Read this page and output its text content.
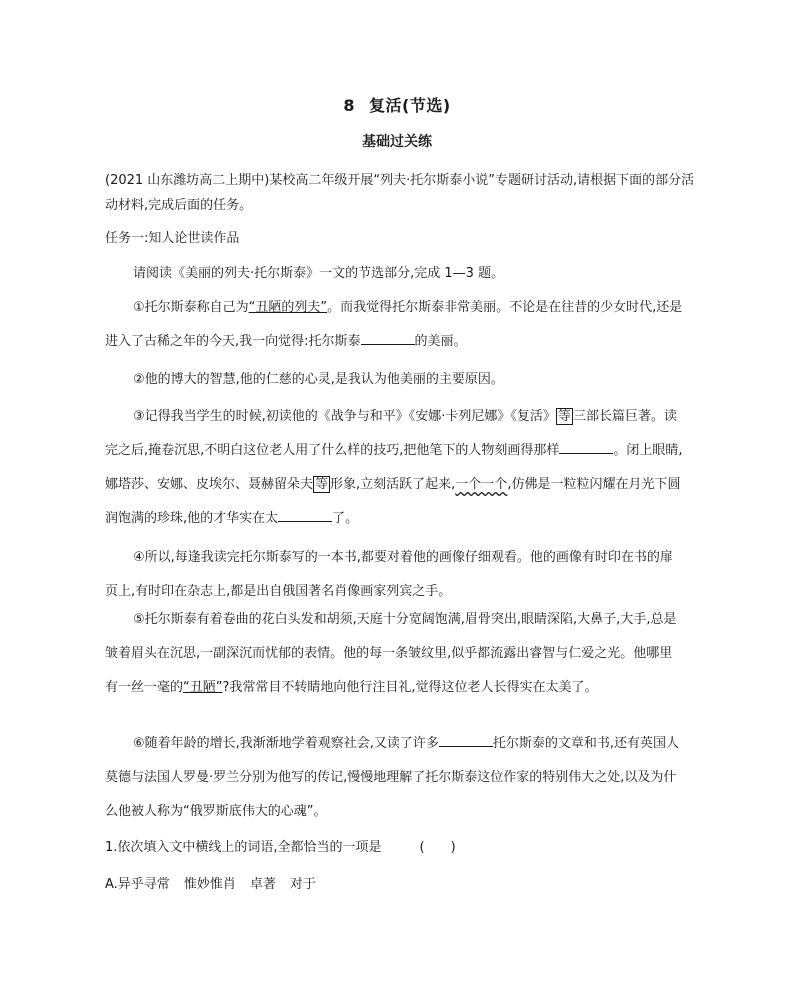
8 复活(节选)
基础过关练

(2021 山东潍坊高二上期中)某校高二年级开展“列夫·托尔斯泰小说”专题研讨活动,请根据下面的部分活动材料,完成后面的任务。

任务一:知人论世读作品

请阅读《美丽的列夫·托尔斯泰》一文的节选部分,完成 1—3 题。

①托尔斯泰称自己为“丑陋的列夫”。而我觉得托尔斯泰非常美丽。不论是在往昔的少女时代,还是进入了古稀之年的今天,我一向觉得:托尔斯泰	的美丽。

②他的博大的智慧,他的仁慈的心灵,是我认为他美丽的主要原因。

③记得我当学生的时候,初读他的《战争与和平》《安娜·卡列尼娜》《复活》 等 三部长篇巨著。读完之后,掩卷沉思,不明白这位老人用了什么样的技巧,把他笔下的人物刻画得那样	。闭上眼睛,娜塔莎、安娜、皮埃尔、聂赫留朵夫 等 形象,立刻活跃了起来,一个一个,仿佛是一粒粒闪耀在月光下圆润饱满的珍珠,他的才华实在太	了。

④所以,每逢我读完托尔斯泰写的一本书,都要对着他的画像仔细观看。他的画像有时印在书的扉页上,有时印在杂志上,都是出自俄国著名肖像画家列宾之手。

⑤托尔斯泰有着卷曲的花白头发和胡须,天庭十分宽阔饱满,眉骨突出,眼睛深陷,大鼻子,大手,总是皱着眉头在沉思,一副深沉而忧郁的表情。他的每一条皱纹里,似乎都流露出睿智与仁爱之光。他哪里有一丝一毫的“丑陋”?我常常目不转睛地向他行注目礼,觉得这位老人长得实在太美了。

⑥随着年龄的增长,我渐渐地学着观察社会,又读了许多	托尔斯泰的文章和书,还有英国人莫德与法国人罗曼·罗兰分别为他写的传记,慢慢地理解了托尔斯泰这位作家的特别伟大之处,以及为什么他被人称为“俄罗斯底伟大的心魂”。

1.依次填入文中横线上的词语,全都恰当的一项是	(　　)

A.异乎寻常 惟妙惟肖 卓著 对于
